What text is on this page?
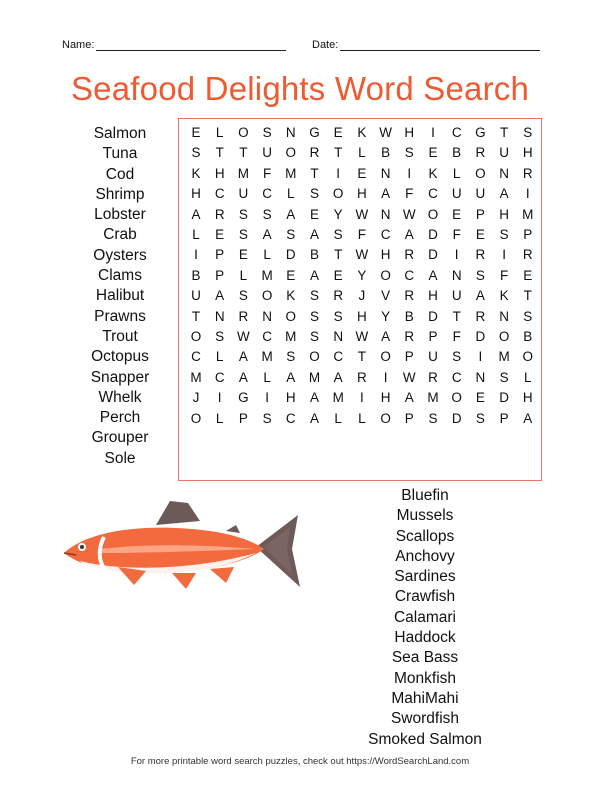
Name:	Date:
Seafood Delights Word Search
Salmon
Tuna
Cod
Shrimp
Lobster
Crab
Oysters
Clams
Halibut
Prawns
Trout
Octopus
Snapper
Whelk
Perch
Grouper
Sole
E	L	O	S	N	G	E	K W H	I	C	G	T	S
S	T	T	U	O	R	T	L	B	S	E	B	R	U	H
K	H M	F	M	T	I	E	N	I	K	L	O	N	R
H	C	U	C	L	S	O	H	A	F	C	U	U	A	I
A	R	S	S	A	E	Y W N W O	E	P	H M
L	E	S	A	S	A	S	F	C	A	D	F	E	S	P
I	P	E	L	D	B	T W H	R	D	I	R	I	R
B	P	L	M	E	A	E	Y	O	C	A	N	S	F	E
U	A	S	O	K	S	R	J	V	R	H	U	A	K	T
T	N	R	N	O	S	S	H	Y	B	D	T	R	N	S
O	S W C M	S	N W A	R	P	F	D	O	B
C	L	A	M	S	O	C	T	O	P	U	S	I	M O
M C	A	L	A	M	A	R	I	W R	C	N	S	L
J	I	G	I	H	A	M	I	H	A	M O	E	D	H
O	L	P	S	C	A	L	L	O	P	S	D	S	P	A
Bluefin
Mussels
Scallops
Anchovy
Sardines
Crawfish
Calamari
Haddock
Sea Bass
Monkfish
MahiMahi
Swordfish
Smoked Salmon
For more printable word search puzzles, check out https://WordSearchLand.com
